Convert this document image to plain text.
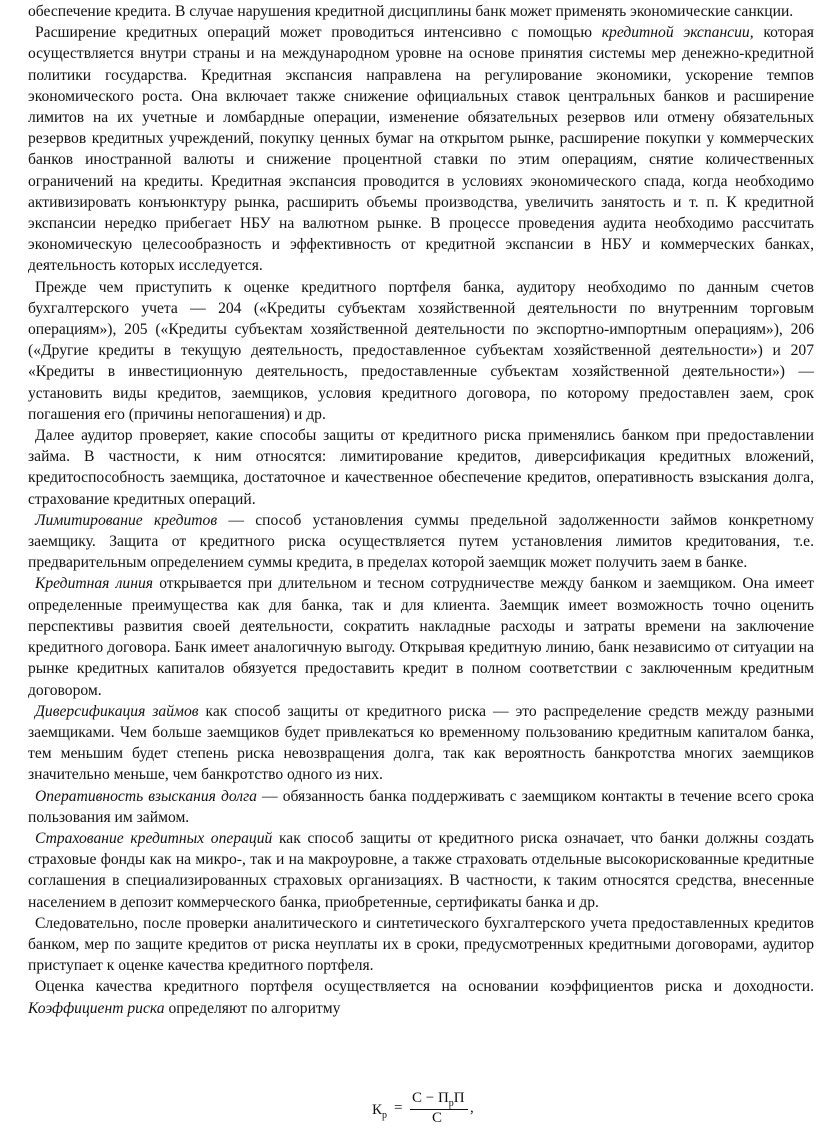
обеспечение кредита. В случае нарушения кредитной дисциплины банк может применять экономические санкции.

Расширение кредитных операций может проводиться интенсивно с помощью кредитной экспансии, которая осуществляется внутри страны и на международном уровне на основе принятия системы мер денежно-кредитной политики государства. Кредитная экспансия направлена на регулирование экономики, ускорение темпов экономического роста. Она включает также снижение официальных ставок центральных банков и расширение лимитов на их учетные и ломбардные операции, изменение обязательных резервов или отмену обязательных резервов кредитных учреждений, покупку ценных бумаг на открытом рынке, расширение покупки у коммерческих банков иностранной валюты и снижение процентной ставки по этим операциям, снятие количественных ограничений на кредиты. Кредитная экспансия проводится в условиях экономического спада, когда необходимо активизировать конъюнктуру рынка, расширить объемы производства, увеличить занятость и т. п. К кредитной экспансии нередко прибегает НБУ на валютном рынке. В процессе проведения аудита необходимо рассчитать экономическую целесообразность и эффективность от кредитной экспансии в НБУ и коммерческих банках, деятельность которых исследуется.

Прежде чем приступить к оценке кредитного портфеля банка, аудитору необходимо по данным счетов бухгалтерского учета — 204 («Кредиты субъектам хозяйственной деятельности по внутренним торговым операциям»), 205 («Кредиты субъектам хозяйственной деятельности по экспортно-импортным операциям»), 206 («Другие кредиты в текущую деятельность, предоставленное субъектам хозяйственной деятельности») и 207 «Кредиты в инвестиционную деятельность, предоставленные субъектам хозяйственной деятельности») — установить виды кредитов, заемщиков, условия кредитного договора, по которому предоставлен заем, срок погашения его (причины непогашения) и др.

Далее аудитор проверяет, какие способы защиты от кредитного риска применялись банком при предоставлении займа. В частности, к ним относятся: лимитирование кредитов, диверсификация кредитных вложений, кредитоспособность заемщика, достаточное и качественное обеспечение кредитов, оперативность взыскания долга, страхование кредитных операций.

Лимитирование кредитов — способ установления суммы предельной задолженности займов конкретному заемщику. Защита от кредитного риска осуществляется путем установления лимитов кредитования, т.е. предварительным определением суммы кредита, в пределах которой заемщик может получить заем в банке.

Кредитная линия открывается при длительном и тесном сотрудничестве между банком и заемщиком. Она имеет определенные преимущества как для банка, так и для клиента. Заемщик имеет возможность точно оценить перспективы развития своей деятельности, сократить накладные расходы и затраты времени на заключение кредитного договора. Банк имеет аналогичную выгоду. Открывая кредитную линию, банк независимо от ситуации на рынке кредитных капиталов обязуется предоставить кредит в полном соответствии с заключенным кредитным договором.

Диверсификация займов как способ защиты от кредитного риска — это распределение средств между разными заемщиками. Чем больше заемщиков будет привлекаться ко временному пользованию кредитным капиталом банка, тем меньшим будет степень риска невозвращения долга, так как вероятность банкротства многих заемщиков значительно меньше, чем банкротство одного из них.

Оперативность взыскания долга — обязанность банка поддерживать с заемщиком контакты в течение всего срока пользования им займом.

Страхование кредитных операций как способ защиты от кредитного риска означает, что банки должны создать страховые фонды как на микро-, так и на макроуровне, а также страховать отдельные высокорискованные кредитные соглашения в специализированных страховых организациях. В частности, к таким относятся средства, внесенные населением в депозит коммерческого банка, приобретенные, сертификаты банка и др.

Следовательно, после проверки аналитического и синтетического бухгалтерского учета предоставленных кредитов банком, мер по защите кредитов от риска неуплаты их в сроки, предусмотренных кредитными договорами, аудитор приступает к оценке качества кредитного портфеля.

Оценка качества кредитного портфеля осуществляется на основании коэффициентов риска и доходности. Коэффициент риска определяют по алгоритму

$К_р$ =
$С - П_рП$
С
,
